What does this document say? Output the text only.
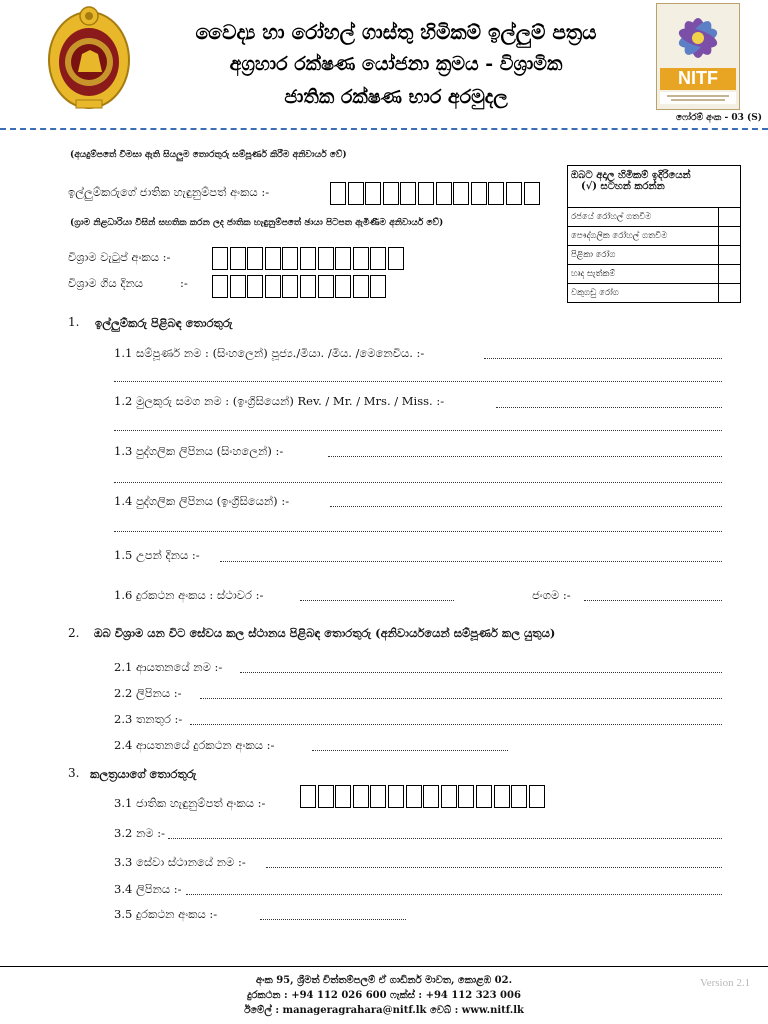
වෛද්‍ය හා රෝහල් ගාස්තු හිමිකම් ඉල්ලුම් පත්‍රය
අග්‍රහාර රක්ෂණ යෝජනා ක්‍රමය - විශ්‍රාමික
ජාතික රක්ෂණ භාර අරමුදල
NITF
ෆෝරම් අංක - 03 (S)
(අයදුම්පතේ විමසා ඇති සියලුම තොරතුරු සම්පූර්ණ කිරීම අනිවාර්ය වේ)
ඉල්ලුම්කරුගේ ජාතික හැඳුනුම්පත් අංකය :-
(ග්‍රාම නිළධාරියා විසින් සහතික කරන ලද ජාතික හැඳුනුම්පතේ ඡායා පිටපත ඇමිණීම අනිවාර්ය වේ)
විශ්‍රාම වැටුප් අංකය :-
විශ්‍රාම ගිය දිනය	:-
ඔබට අදාල හිමිකම් ඉදිරියෙන්
(√) සටහන් කරන්න	

රජයේ රෝහල් ගතවීම	
පෞද්ගලික රෝහල් ගතවීම	
පිළිකා රෝග	
හෘද සැත්කම්	
වකුගඩු රෝග	
1. ඉල්ලුම්කරු පිළිබඳ තොරතුරු
1.1 සම්පූර්ණ නම : (සිංහලෙන්) පූජ්‍ය./මියා. /මිය. /මෙනෙවිය. :-
1.2 මුලකුරු සමග නම : (ඉංග්‍රිසියෙන්) Rev. / Mr. / Mrs. / Miss. :-
1.3 පුද්ගලික ලිපිනය (සිංහලෙන්) :-
1.4 පුද්ගලික ලිපිනය (ඉංග්‍රිසියෙන්) :-
1.5 උපන් දිනය :-
1.6 දුරකථන අංකය : ස්ථාවර :-	ජංගම :-
2. ඔබ විශ්‍රාම යන විට සේවය කල ස්ථානය පිළිබඳ තොරතුරු (අනිවාර්යයෙන් සම්පූර්ණ කල යුතුය)
2.1 ආයතනයේ නම :-
2.2 ලිපිනය :-
2.3 තනතුර :-
2.4 ආයතනයේ දුරකථන අංකය :-
3. කලත්‍රයාගේ තොරතුරු
3.1 ජාතික හැඳුනුම්පත් අංකය :-
3.2 නම :-
3.3 සේවා ස්ථානයේ නම :-
3.4 ලිපිනය :-
3.5 දුරකථන අංකය :-
අංක 95, ශ්‍රීමත් චිත්තම්පලම් ඒ ගාඩිනර් මාවත, කොළඹ 02.
දුරකථන : +94 112 026 600 ෆැක්ස් : +94 112 323 006
ඊමේල් : manageragrahara@nitf.lk වෙබ් : www.nitf.lk
Version 2.1
